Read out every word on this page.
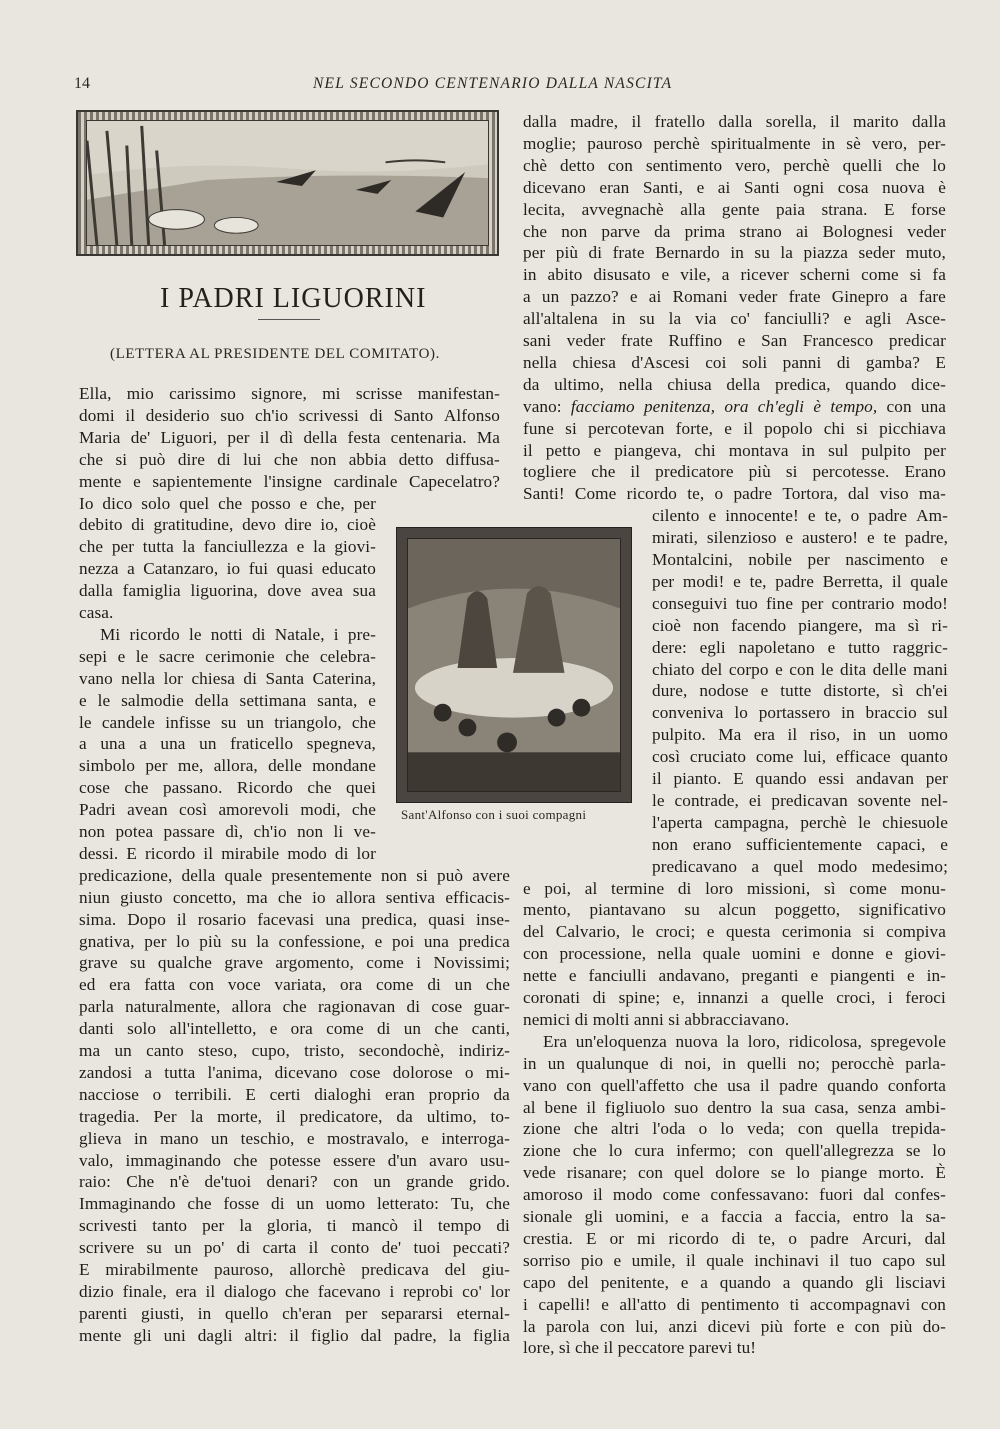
14	NEL SECONDO CENTENARIO DALLA NASCITA
I PADRI LIGUORINI
(LETTERA AL PRESIDENTE DEL COMITATO).
Sant'Alfonso con i suoi compagni
Ella, mio carissimo signore, mi scrisse manifestan-
domi il desiderio suo ch'io scrivessi di Santo Alfonso
Maria de' Liguori, per il dì della festa centenaria. Ma
che si può dire di lui che non abbia detto diffusa-
mente e sapientemente l'insigne cardinale Capecelatro?
Io dico solo quel che posso e che, per
debito di gratitudine, devo dire io, cioè
che per tutta la fanciullezza e la giovi-
nezza a Catanzaro, io fui quasi educato
dalla famiglia liguorina, dove avea sua
casa.
Mi ricordo le notti di Natale, i pre-
sepi e le sacre cerimonie che celebra-
vano nella lor chiesa di Santa Caterina,
e le salmodie della settimana santa, e
le candele infisse su un triangolo, che
a una a una un fraticello spegneva,
simbolo per me, allora, delle mondane
cose che passano. Ricordo che quei
Padri avean così amorevoli modi, che
non potea passare dì, ch'io non li ve-
dessi. E ricordo il mirabile modo di lor
predicazione, della quale presentemente non si può avere
niun giusto concetto, ma che io allora sentiva efficacis-
sima. Dopo il rosario facevasi una predica, quasi inse-
gnativa, per lo più su la confessione, e poi una predica
grave su qualche grave argomento, come i Novissimi;
ed era fatta con voce variata, ora come di un che
parla naturalmente, allora che ragionavan di cose guar-
danti solo all'intelletto, e ora come di un che canti,
ma un canto steso, cupo, tristo, secondochè, indiriz-
zandosi a tutta l'anima, dicevano cose dolorose o mi-
nacciose o terribili. E certi dialoghi eran proprio da
tragedia. Per la morte, il predicatore, da ultimo, to-
glieva in mano un teschio, e mostravalo, e interroga-
valo, immaginando che potesse essere d'un avaro usu-
raio: Che n'è de'tuoi denari? con un grande grido.
Immaginando che fosse di un uomo letterato: Tu, che
scrivesti tanto per la gloria, ti mancò il tempo di
scrivere su un po' di carta il conto de' tuoi peccati?
E mirabilmente pauroso, allorchè predicava del giu-
dizio finale, era il dialogo che facevano i reprobi co' lor
parenti giusti, in quello ch'eran per separarsi eternal-
mente gli uni dagli altri: il figlio dal padre, la figlia
dalla madre, il fratello dalla sorella, il marito dalla
moglie; pauroso perchè spiritualmente in sè vero, per-
chè detto con sentimento vero, perchè quelli che lo
dicevano eran Santi, e ai Santi ogni cosa nuova è
lecita, avvegnachè alla gente paia strana. E forse
che non parve da prima strano ai Bolognesi veder
per più di frate Bernardo in su la piazza seder muto,
in abito disusato e vile, a ricever scherni come si fa
a un pazzo? e ai Romani veder frate Ginepro a fare
all'altalena in su la via co' fanciulli? e agli Asce-
sani veder frate Ruffino e San Francesco predicar
nella chiesa d'Ascesi coi soli panni di gamba? E
da ultimo, nella chiusa della predica, quando dice-
vano: facciamo penitenza, ora ch'egli è tempo, con una
fune si percotevan forte, e il popolo chi si picchiava
il petto e piangeva, chi montava in sul pulpito per
togliere che il predicatore più si percotesse. Erano
Santi! Come ricordo te, o padre Tortora, dal viso ma-
cilento e innocente! e te, o padre Am-
mirati, silenzioso e austero! e te padre,
Montalcini, nobile per nascimento e
per modi! e te, padre Berretta, il quale
conseguivi tuo fine per contrario modo!
cioè non facendo piangere, ma sì ri-
dere: egli napoletano e tutto raggric-
chiato del corpo e con le dita delle mani
dure, nodose e tutte distorte, sì ch'ei
conveniva lo portassero in braccio sul
pulpito. Ma era il riso, in un uomo
così cruciato come lui, efficace quanto
il pianto. E quando essi andavan per
le contrade, ei predicavan sovente nel-
l'aperta campagna, perchè le chiesuole
non erano sufficientemente capaci, e
predicavano a quel modo medesimo;
e poi, al termine di loro missioni, sì come monu-
mento, piantavano su alcun poggetto, significativo
del Calvario, le croci; e questa cerimonia si compiva
con processione, nella quale uomini e donne e giovi-
nette e fanciulli andavano, preganti e piangenti e in-
coronati di spine; e, innanzi a quelle croci, i feroci
nemici di molti anni si abbracciavano.
Era un'eloquenza nuova la loro, ridicolosa, spregevole
in un qualunque di noi, in quelli no; perocchè parla-
vano con quell'affetto che usa il padre quando conforta
al bene il figliuolo suo dentro la sua casa, senza ambi-
zione che altri l'oda o lo veda; con quella trepida-
zione che lo cura infermo; con quell'allegrezza se lo
vede risanare; con quel dolore se lo piange morto. È
amoroso il modo come confessavano: fuori dal confes-
sionale gli uomini, e a faccia a faccia, entro la sa-
crestia. E or mi ricordo di te, o padre Arcuri, dal
sorriso pio e umile, il quale inchinavi il tuo capo sul
capo del penitente, e a quando a quando gli lisciavi
i capelli! e all'atto di pentimento ti accompagnavi con
la parola con lui, anzi dicevi più forte e con più do-
lore, sì che il peccatore parevi tu!
